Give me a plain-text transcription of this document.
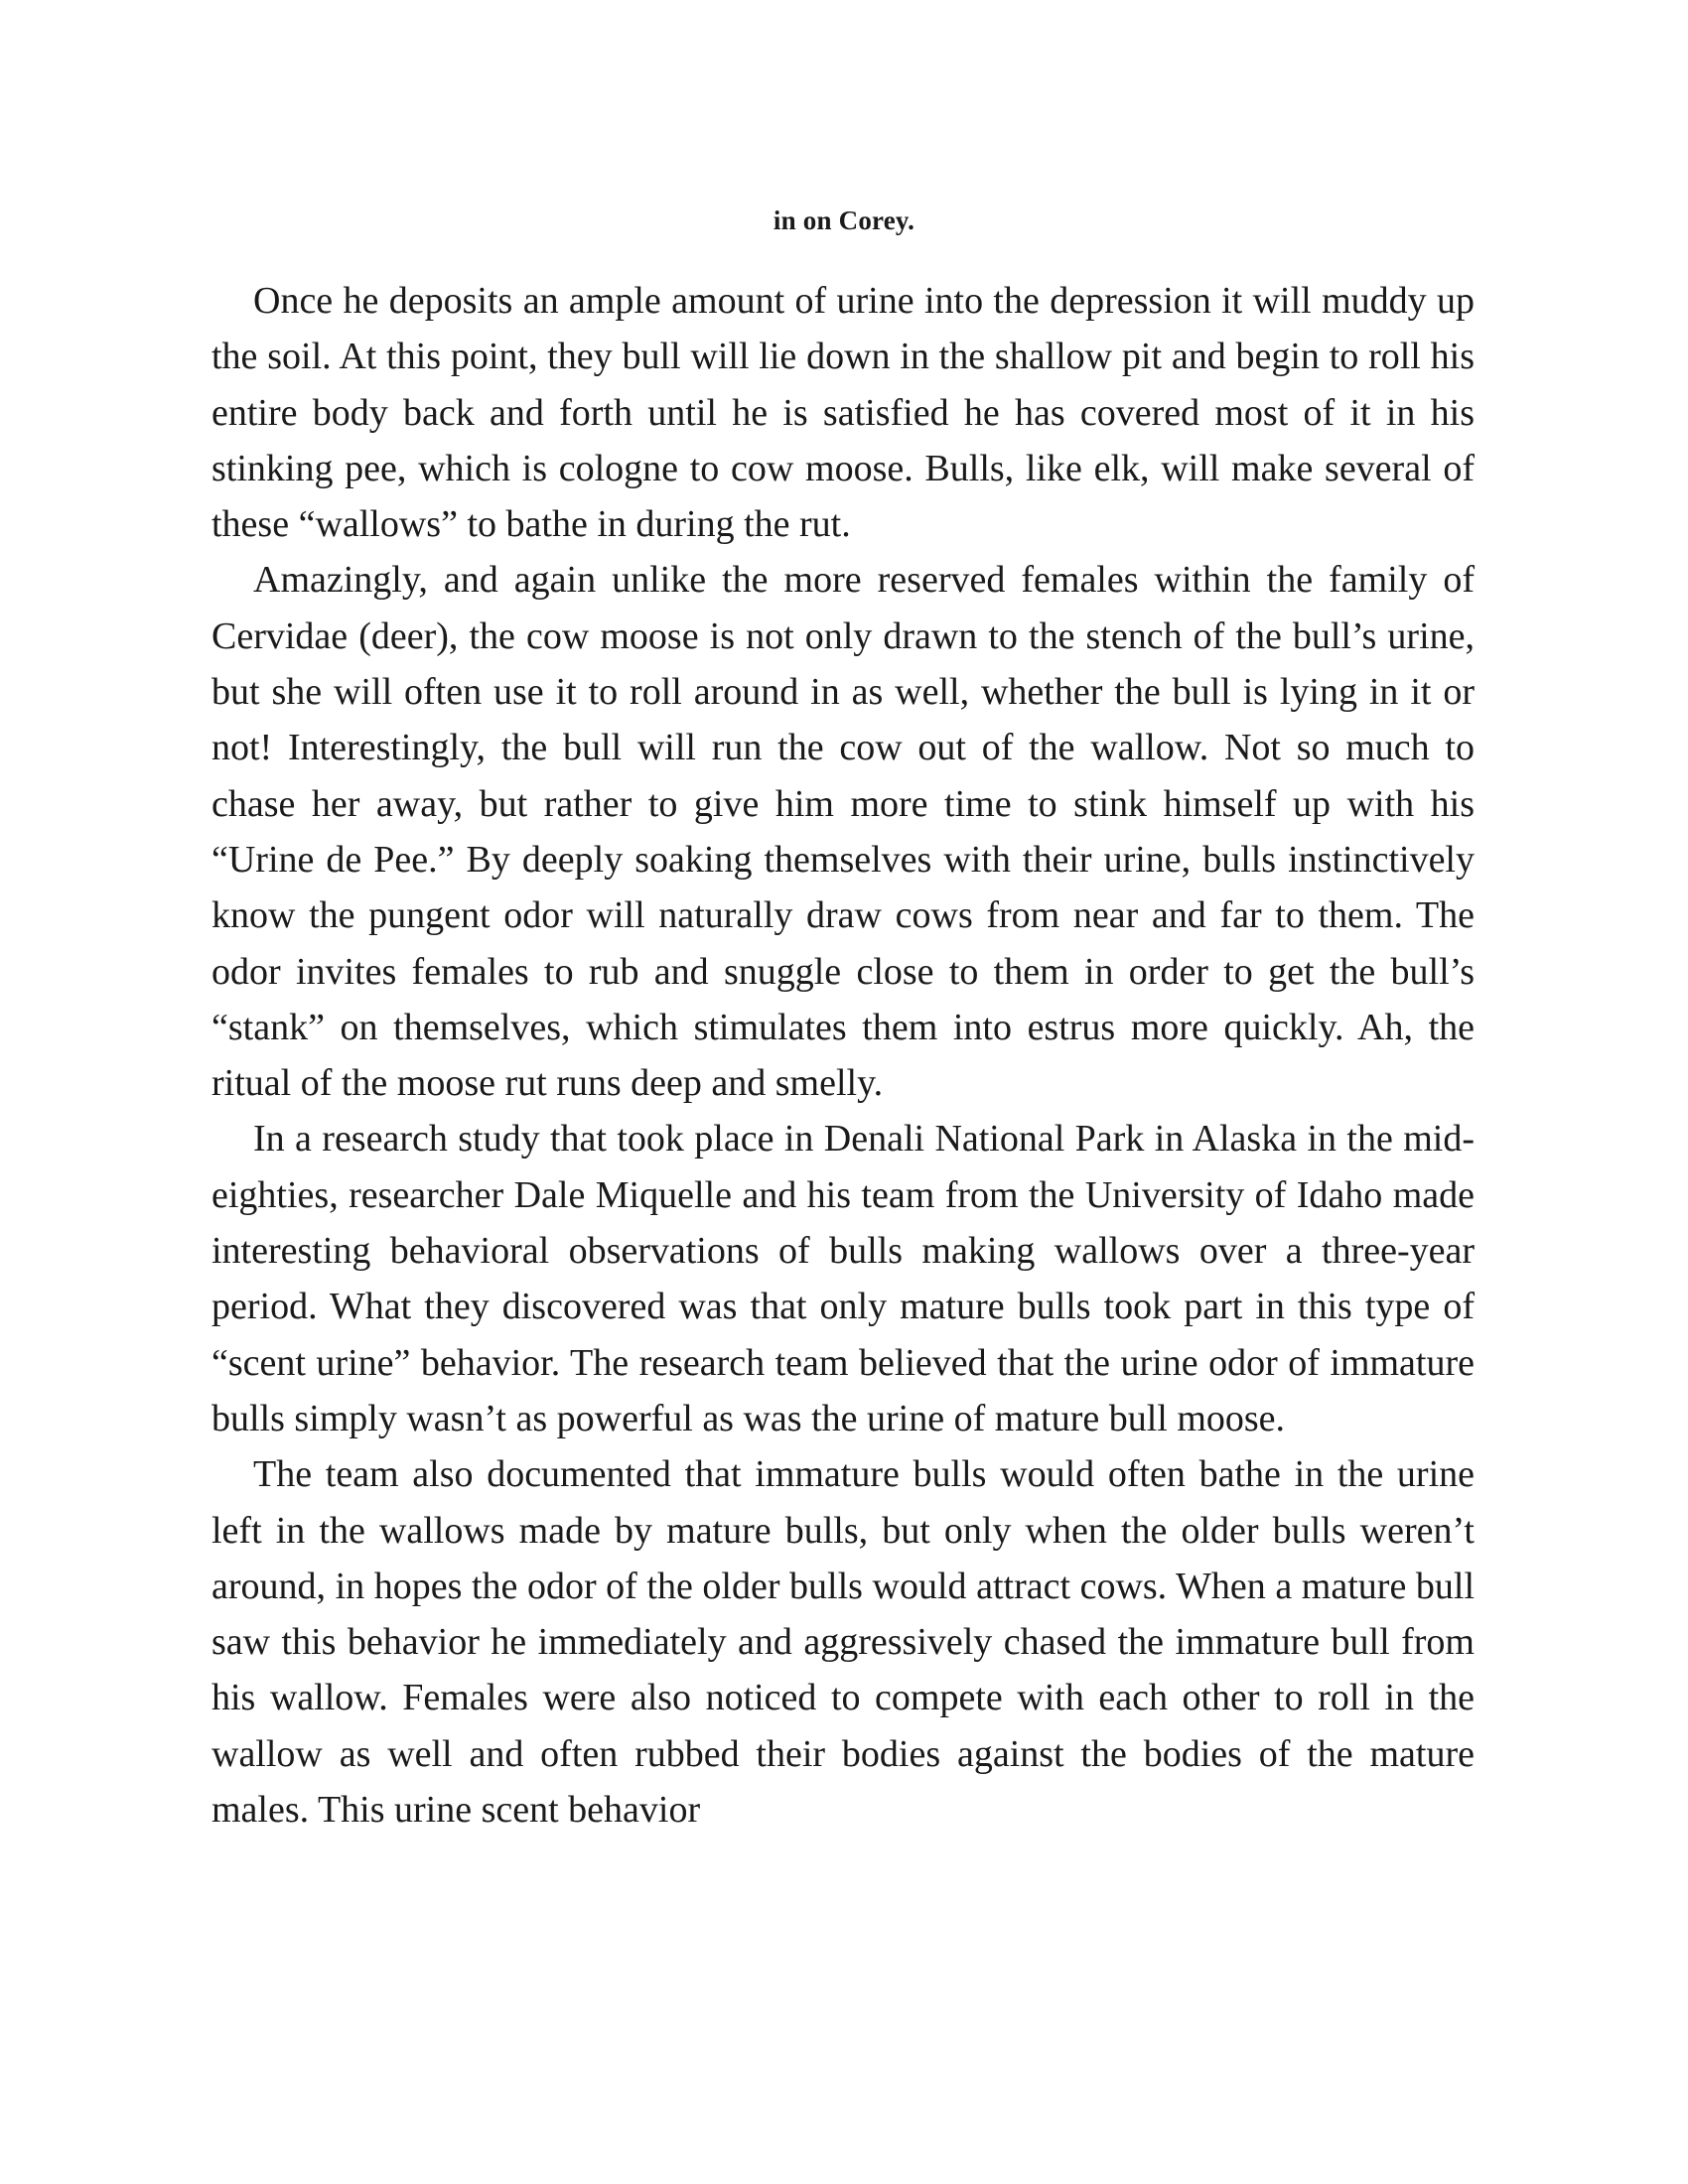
in on Corey.

Once he deposits an ample amount of urine into the depression it will muddy up the soil. At this point, they bull will lie down in the shallow pit and begin to roll his entire body back and forth until he is satisfied he has covered most of it in his stinking pee, which is cologne to cow moose. Bulls, like elk, will make several of these “wallows” to bathe in during the rut.

Amazingly, and again unlike the more reserved females within the family of Cervidae (deer), the cow moose is not only drawn to the stench of the bull’s urine, but she will often use it to roll around in as well, whether the bull is lying in it or not! Interestingly, the bull will run the cow out of the wallow. Not so much to chase her away, but rather to give him more time to stink himself up with his “Urine de Pee.” By deeply soaking themselves with their urine, bulls instinctively know the pungent odor will naturally draw cows from near and far to them. The odor invites females to rub and snuggle close to them in order to get the bull’s “stank” on themselves, which stimulates them into estrus more quickly. Ah, the ritual of the moose rut runs deep and smelly.

In a research study that took place in Denali National Park in Alaska in the mid-eighties, researcher Dale Miquelle and his team from the University of Idaho made interesting behavioral observations of bulls making wallows over a three-year period. What they discovered was that only mature bulls took part in this type of “scent urine” behavior. The research team believed that the urine odor of immature bulls simply wasn’t as powerful as was the urine of mature bull moose.

The team also documented that immature bulls would often bathe in the urine left in the wallows made by mature bulls, but only when the older bulls weren’t around, in hopes the odor of the older bulls would attract cows. When a mature bull saw this behavior he immediately and aggressively chased the immature bull from his wallow. Females were also noticed to compete with each other to roll in the wallow as well and often rubbed their bodies against the bodies of the mature males. This urine scent behavior
